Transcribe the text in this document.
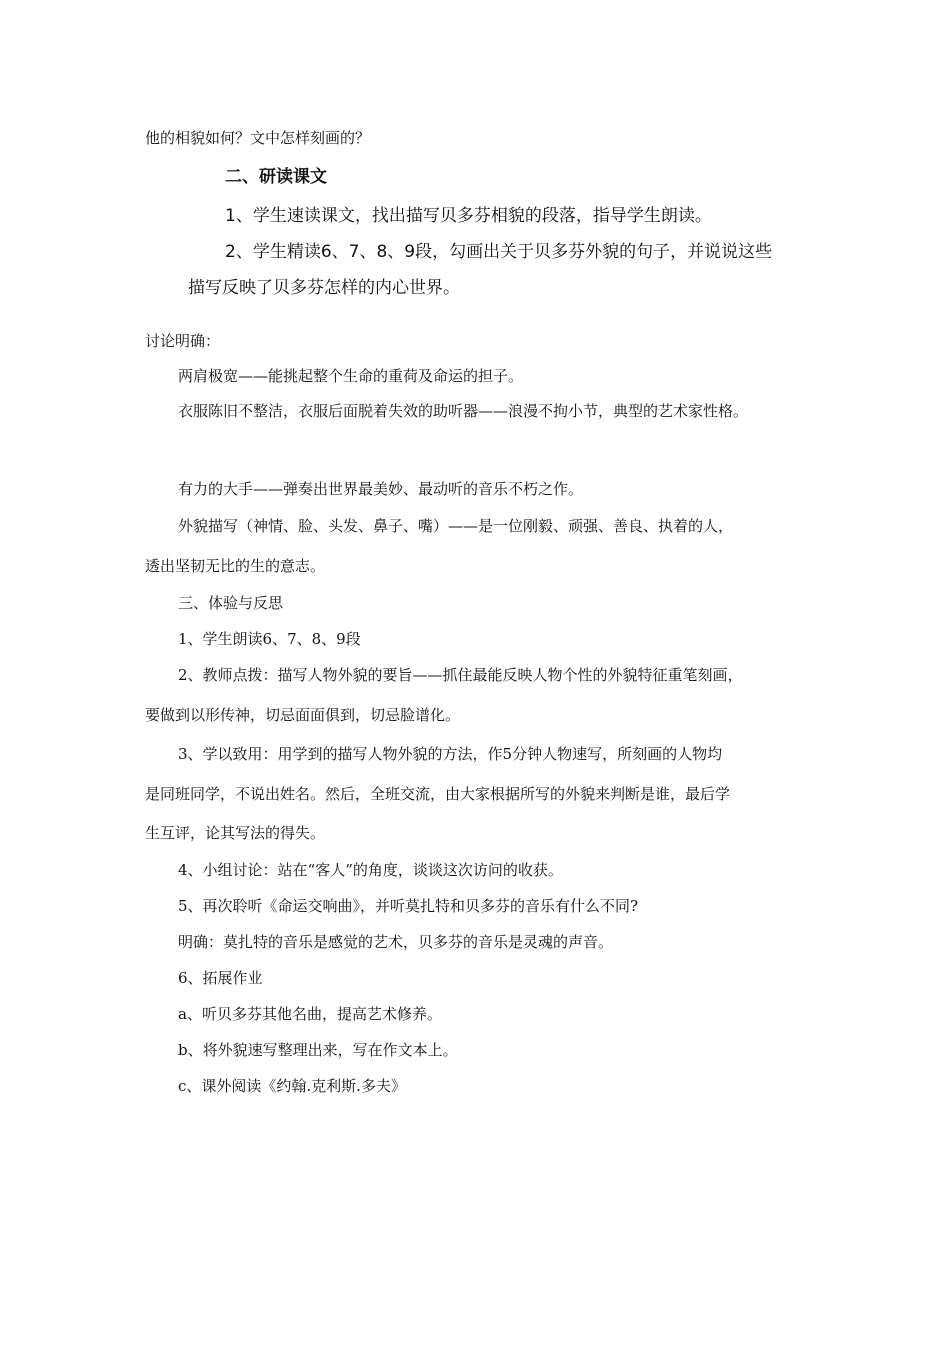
他的相貌如何？文中怎样刻画的？
二、研读课文
1、学生速读课文，找出描写贝多芬相貌的段落，指导学生朗读。
2、学生精读6、7、8、9段，勾画出关于贝多芬外貌的句子，并说说这些
描写反映了贝多芬怎样的内心世界。
讨论明确：
两肩极宽——能挑起整个生命的重荷及命运的担子。
衣服陈旧不整洁，衣服后面脱着失效的助听器——浪漫不拘小节，典型的艺术家性格。
有力的大手——弹奏出世界最美妙、最动听的音乐不朽之作。
外貌描写（神情、脸、头发、鼻子、嘴）——是一位刚毅、顽强、善良、执着的人，
透出坚韧无比的生的意志。
三、体验与反思
1、学生朗读6、7、8、9段
2、教师点拨：描写人物外貌的要旨——抓住最能反映人物个性的外貌特征重笔刻画，
要做到以形传神，切忌面面俱到，切忌脸谱化。
3、学以致用：用学到的描写人物外貌的方法，作5分钟人物速写，所刻画的人物均
是同班同学，不说出姓名。然后，全班交流，由大家根据所写的外貌来判断是谁，最后学
生互评，论其写法的得失。
4、小组讨论：站在“客人”的角度，谈谈这次访问的收获。
5、再次聆听《命运交响曲》，并听莫扎特和贝多芬的音乐有什么不同?
明确：莫扎特的音乐是感觉的艺术，贝多芬的音乐是灵魂的声音。
6、拓展作业
a、听贝多芬其他名曲，提高艺术修养。
b、将外貌速写整理出来，写在作文本上。
c、课外阅读《约翰.克利斯.多夫》
